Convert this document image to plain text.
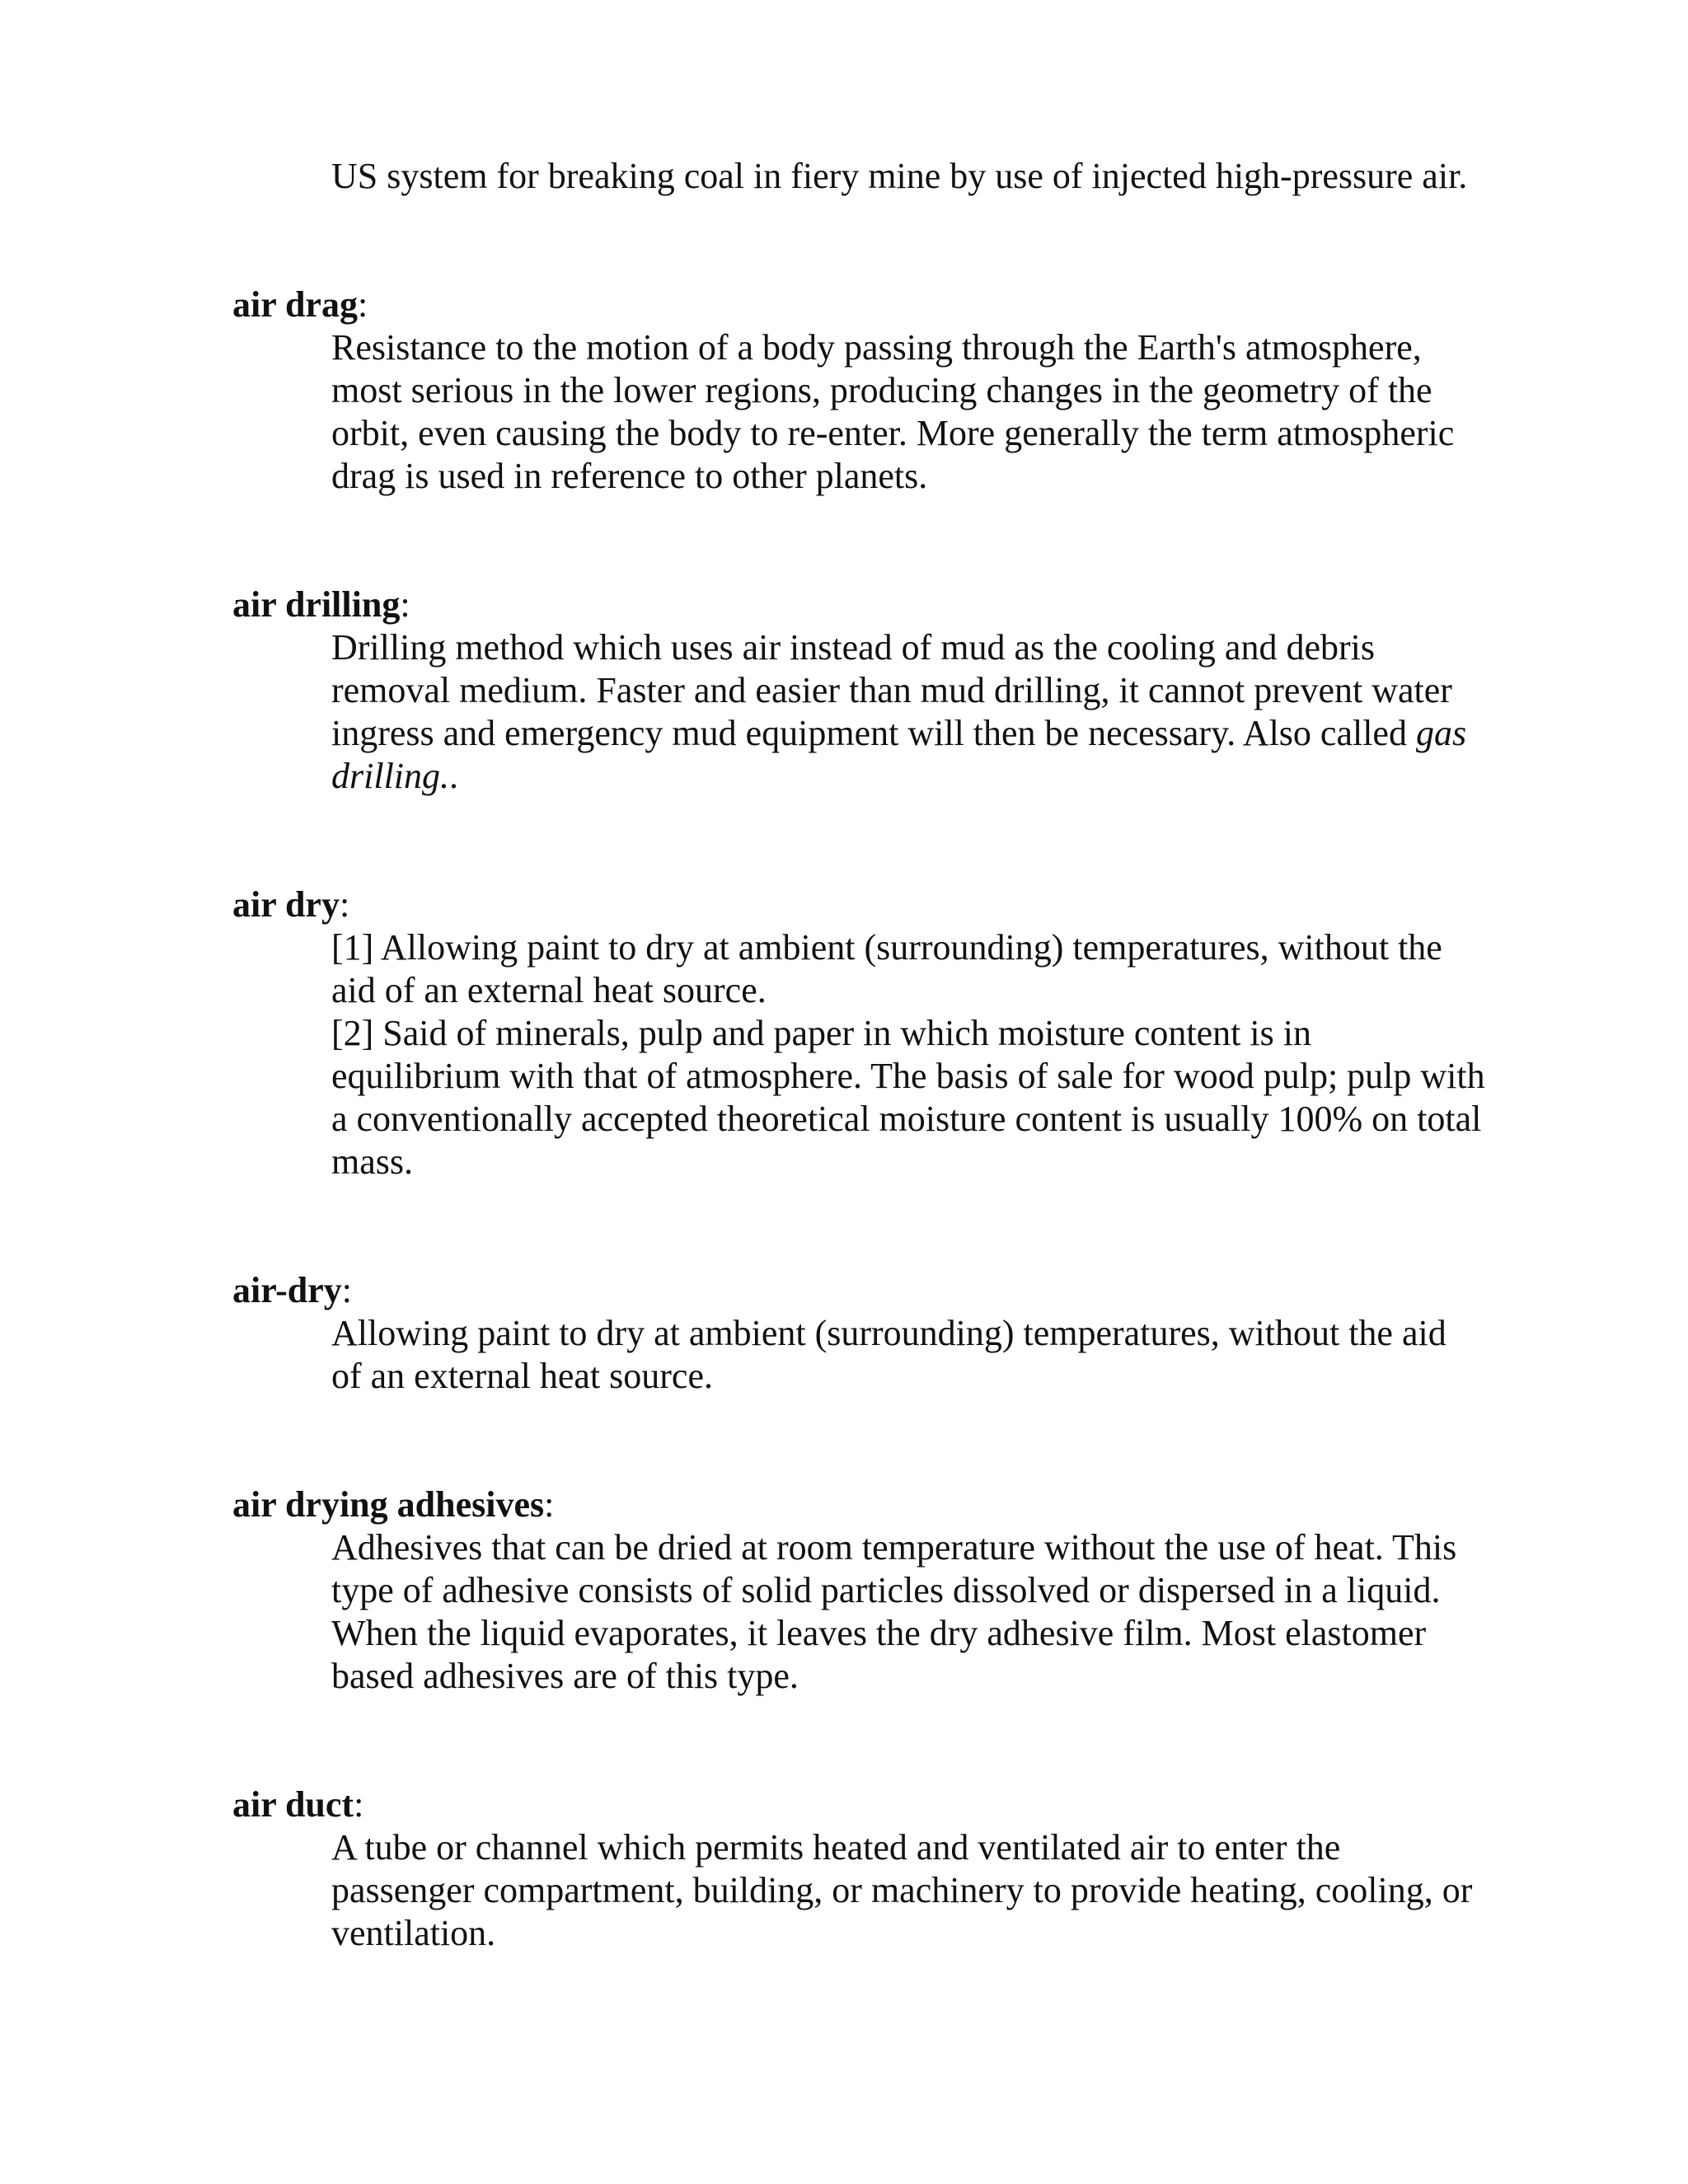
US system for breaking coal in fiery mine by use of injected high-pressure air.

air drag:

Resistance to the motion of a body passing through the Earth's atmosphere, most serious in the lower regions, producing changes in the geometry of the orbit, even causing the body to re-enter. More generally the term atmospheric drag is used in reference to other planets.

air drilling:

Drilling method which uses air instead of mud as the cooling and debris removal medium. Faster and easier than mud drilling, it cannot prevent water ingress and emergency mud equipment will then be necessary. Also called gas drilling..

air dry:

[1] Allowing paint to dry at ambient (surrounding) temperatures, without the aid of an external heat source.

[2] Said of minerals, pulp and paper in which moisture content is in equilibrium with that of atmosphere. The basis of sale for wood pulp; pulp with a conventionally accepted theoretical moisture content is usually 100% on total mass.

air-dry:

Allowing paint to dry at ambient (surrounding) temperatures, without the aid of an external heat source.

air drying adhesives:

Adhesives that can be dried at room temperature without the use of heat. This type of adhesive consists of solid particles dissolved or dispersed in a liquid. When the liquid evaporates, it leaves the dry adhesive film. Most elastomer based adhesives are of this type.

air duct:

A tube or channel which permits heated and ventilated air to enter the passenger compartment, building, or machinery to provide heating, cooling, or ventilation.
